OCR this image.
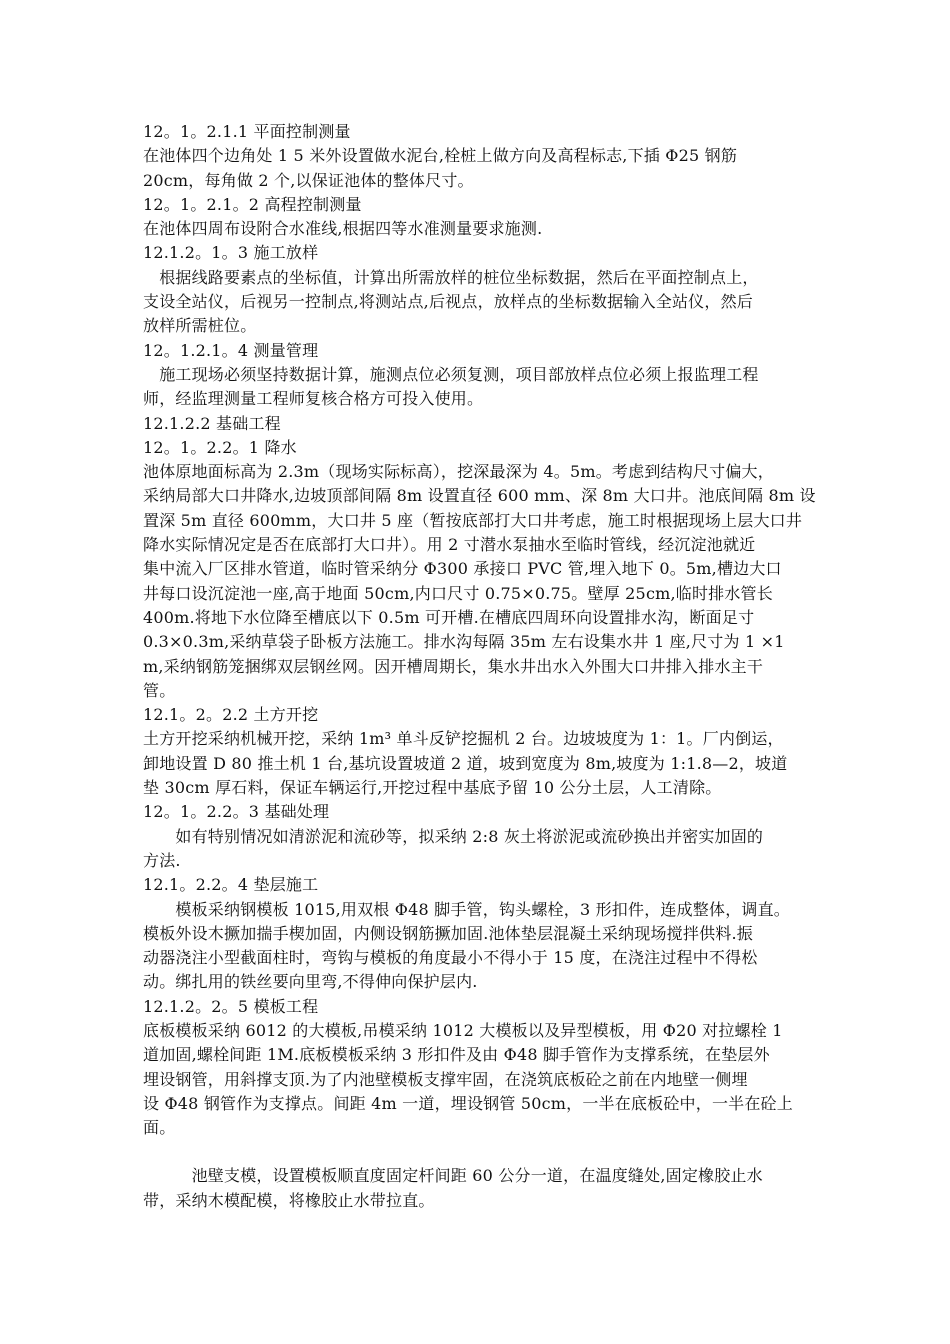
12。1。2.1.1 平面控制测量
在池体四个边角处 1 5 米外设置做水泥台,栓桩上做方向及高程标志,下插 Φ25 钢筋
20cm，每角做 2 个,以保证池体的整体尺寸。
12。1。2.1。2 高程控制测量
在池体四周布设附合水准线,根据四等水准测量要求施测.
12.1.2。1。3 施工放样
　根据线路要素点的坐标值，计算出所需放样的桩位坐标数据，然后在平面控制点上，
支设全站仪，后视另一控制点,将测站点,后视点，放样点的坐标数据输入全站仪，然后
放样所需桩位。
12。1.2.1。4 测量管理
　施工现场必须坚持数据计算，施测点位必须复测，项目部放样点位必须上报监理工程
师，经监理测量工程师复核合格方可投入使用。
12.1.2.2 基础工程
12。1。2.2。1 降水
池体原地面标高为 2.3m（现场实际标高），挖深最深为 4。5m。考虑到结构尺寸偏大，
采纳局部大口井降水,边坡顶部间隔 8m 设置直径 600 mm、深 8m 大口井。池底间隔 8m 设
置深 5m 直径 600mm，大口井 5 座（暂按底部打大口井考虑，施工时根据现场上层大口井
降水实际情况定是否在底部打大口井）。用 2 寸潜水泵抽水至临时管线，经沉淀池就近
集中流入厂区排水管道，临时管采纳分 Φ300 承接口 PVC 管,埋入地下 0。5m,槽边大口
井每口设沉淀池一座,高于地面 50cm,内口尺寸 0.75×0.75。壁厚 25cm,临时排水管长
400m.将地下水位降至槽底以下 0.5m 可开槽.在槽底四周环向设置排水沟，断面足寸
0.3×0.3m,采纳草袋子卧板方法施工。排水沟每隔 35m 左右设集水井 1 座,尺寸为 1 ×1
m,采纳钢筋笼捆绑双层钢丝网。因开槽周期长，集水井出水入外围大口井排入排水主干
管。
12.1。2。2.2 土方开挖
土方开挖采纳机械开挖，采纳 1m³ 单斗反铲挖掘机 2 台。边坡坡度为 1：1。厂内倒运，
卸地设置 D 80 推土机 1 台,基坑设置坡道 2 道，坡到宽度为 8m,坡度为 1:1.8—2，坡道
垫 30cm 厚石料，保证车辆运行,开挖过程中基底予留 10 公分土层，人工清除。
12。1。2.2。3 基础处理
　　如有特别情况如清淤泥和流砂等，拟采纳 2:8 灰土将淤泥或流砂换出并密实加固的
方法.
12.1。2.2。4 垫层施工
　　模板采纳钢模板 1015,用双根 Φ48 脚手管，钩头螺栓，3 形扣件，连成整体，调直。
模板外设木撅加揣手楔加固，内侧设钢筋撅加固.池体垫层混凝土采纳现场搅拌供料.振
动器浇注小型截面柱时，弯钩与模板的角度最小不得小于 15 度，在浇注过程中不得松
动。绑扎用的铁丝要向里弯,不得伸向保护层内.
12.1.2。2。5 模板工程
底板模板采纳 6012 的大模板,吊模采纳 1012 大模板以及异型模板，用 Φ20 对拉螺栓 1
道加固,螺栓间距 1M.底板模板采纳 3 形扣件及由 Φ48 脚手管作为支撑系统，在垫层外
埋设钢管，用斜撑支顶.为了内池壁模板支撑牢固，在浇筑底板砼之前在内地壁一侧埋
设 Φ48 钢管作为支撑点。间距 4m 一道，埋设钢管 50cm，一半在底板砼中，一半在砼上
面。
　　　池壁支模，设置模板顺直度固定杆间距 60 公分一道，在温度缝处,固定橡胶止水
带，采纳木模配模，将橡胶止水带拉直。
